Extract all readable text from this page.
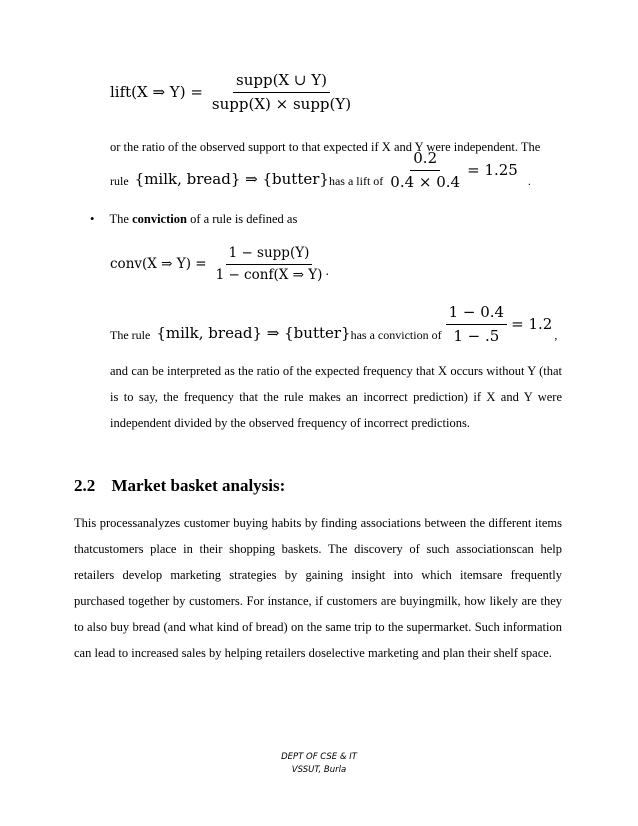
lift(X ⇒ $Y) = \frac{\text{supp(X ∪ Y)}}{\text{supp(X) × supp(Y)}}$
or the ratio of the observed support to that expected if X and Y were independent. The
rule {milk, bread} ⇒ {butter} has a lift of $\frac{0.2}{0.4 \times 0.4} = 1.25$
.
• The conviction of a rule is defined as
conv(X ⇒ $Y) = \frac{\text{1 − supp(Y)}}{\text{1 − conf(X ⇒ Y)}}$ .
The rule {milk, bread} ⇒ {butter} has a conviction of $\frac{1 - 0.4}{1 - .5} = 1.2$
,
and can be interpreted as the ratio of the expected frequency that X occurs without Y (that is to say, the frequency that the rule makes an incorrect prediction) if X and Y were independent divided by the observed frequency of incorrect predictions.
2.2 Market basket analysis:
This processanalyzes customer buying habits by finding associations between the different items thatcustomers place in their shopping baskets. The discovery of such associationscan help retailers develop marketing strategies by gaining insight into which itemsare frequently purchased together by customers. For instance, if customers are buyingmilk, how likely are they to also buy bread (and what kind of bread) on the same trip to the supermarket. Such information can lead to increased sales by helping retailers doselective marketing and plan their shelf space.
DEPT OF CSE & IT
VSSUT, Burla
